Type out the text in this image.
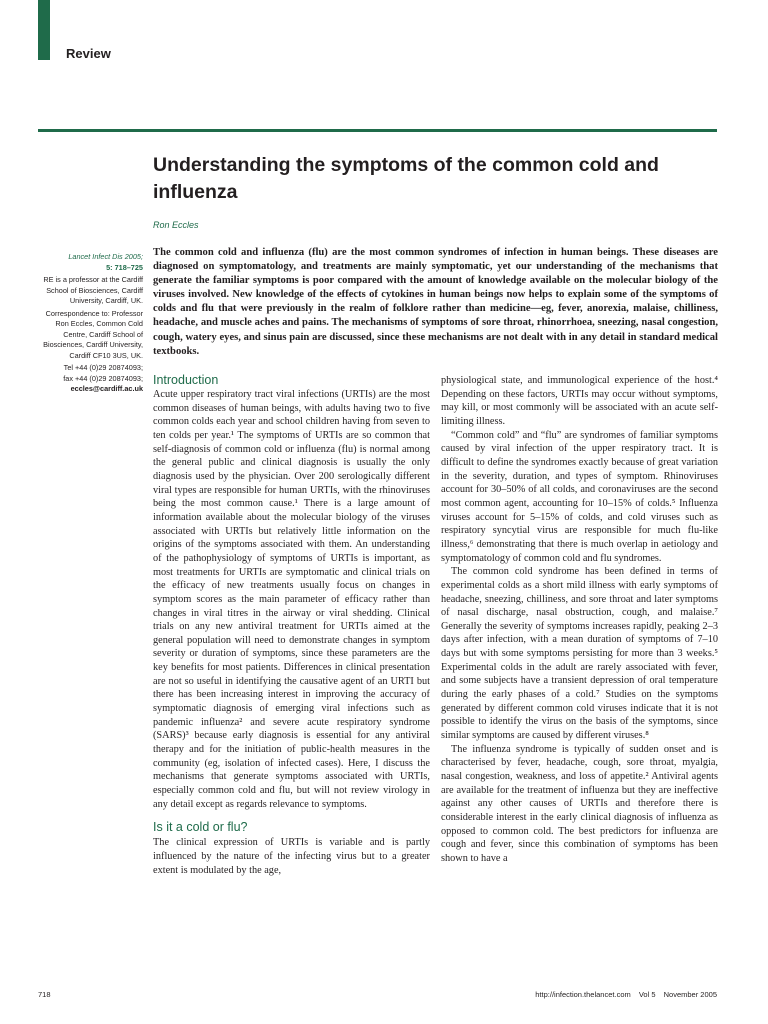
Review
Understanding the symptoms of the common cold and influenza
Ron Eccles

Lancet Infect Dis 2005;
5: 718–725

RE is a professor at the Cardiff School of Biosciences, Cardiff University, Cardiff, UK.

Correspondence to: Professor Ron Eccles, Common Cold Centre, Cardiff School of Biosciences, Cardiff University, Cardiff CF10 3US, UK.

Tel +44 (0)29 20874093;
fax +44 (0)29 20874093;
eccles@cardiff.ac.uk

The common cold and influenza (flu) are the most common syndromes of infection in human beings. These diseases are diagnosed on symptomatology, and treatments are mainly symptomatic, yet our understanding of the mechanisms that generate the familiar symptoms is poor compared with the amount of knowledge available on the molecular biology of the viruses involved. New knowledge of the effects of cytokines in human beings now helps to explain some of the symptoms of colds and flu that were previously in the realm of folklore rather than medicine—eg, fever, anorexia, malaise, chilliness, headache, and muscle aches and pains. The mechanisms of symptoms of sore throat, rhinorrhoea, sneezing, nasal congestion, cough, watery eyes, and sinus pain are discussed, since these mechanisms are not dealt with in any detail in standard medical textbooks.

Introduction

Acute upper respiratory tract viral infections (URTIs) are the most common diseases of human beings, with adults having two to five common colds each year and school children having from seven to ten colds per year.¹ The symptoms of URTIs are so common that self-diagnosis of common cold or influenza (flu) is normal among the general public and clinical diagnosis is usually the only diagnosis used by the physician. Over 200 serologically different viral types are responsible for human URTIs, with the rhinoviruses being the most common cause.¹ There is a large amount of information available about the molecular biology of the viruses associated with URTIs but relatively little information on the origins of the symptoms associated with them. An understanding of the pathophysiology of symptoms of URTIs is important, as most treatments for URTIs are symptomatic and clinical trials on the efficacy of new treatments usually focus on changes in symptom scores as the main parameter of efficacy rather than changes in viral titres in the airway or viral shedding. Clinical trials on any new antiviral treatment for URTIs aimed at the general population will need to demonstrate changes in symptom severity or duration of symptoms, since these parameters are the key benefits for most patients. Differences in clinical presentation are not so useful in identifying the causative agent of an URTI but there has been increasing interest in improving the accuracy of symptomatic diagnosis of emerging viral infections such as pandemic influenza² and severe acute respiratory syndrome (SARS)³ because early diagnosis is essential for any antiviral therapy and for the initiation of public-health measures in the community (eg, isolation of infected cases). Here, I discuss the mechanisms that generate symptoms associated with URTIs, especially common cold and flu, but will not review virology in any detail except as regards relevance to symptoms.

Is it a cold or flu?

The clinical expression of URTIs is variable and is partly influenced by the nature of the infecting virus but to a greater extent is modulated by the age,

physiological state, and immunological experience of the host.⁴ Depending on these factors, URTIs may occur without symptoms, may kill, or most commonly will be associated with an acute self-limiting illness.

“Common cold” and “flu” are syndromes of familiar symptoms caused by viral infection of the upper respiratory tract. It is difficult to define the syndromes exactly because of great variation in the severity, duration, and types of symptom. Rhinoviruses account for 30–50% of all colds, and coronaviruses are the second most common agent, accounting for 10–15% of colds.⁵ Influenza viruses account for 5–15% of colds, and cold viruses such as respiratory syncytial virus are responsible for much flu-like illness,⁶ demonstrating that there is much overlap in aetiology and symptomatology of common cold and flu syndromes.

The common cold syndrome has been defined in terms of experimental colds as a short mild illness with early symptoms of headache, sneezing, chilliness, and sore throat and later symptoms of nasal discharge, nasal obstruction, cough, and malaise.⁷ Generally the severity of symptoms increases rapidly, peaking 2–3 days after infection, with a mean duration of symptoms of 7–10 days but with some symptoms persisting for more than 3 weeks.⁵ Experimental colds in the adult are rarely associated with fever, and some subjects have a transient depression of oral temperature during the early phases of a cold.⁷ Studies on the symptoms generated by different common cold viruses indicate that it is not possible to identify the virus on the basis of the symptoms, since similar symptoms are caused by different viruses.⁸

The influenza syndrome is typically of sudden onset and is characterised by fever, headache, cough, sore throat, myalgia, nasal congestion, weakness, and loss of appetite.² Antiviral agents are available for the treatment of influenza but they are ineffective against any other causes of URTIs and therefore there is considerable interest in the early clinical diagnosis of influenza as opposed to common cold. The best predictors for influenza are cough and fever, since this combination of symptoms has been shown to have a

718	http://infection.thelancet.com Vol 5 November 2005
